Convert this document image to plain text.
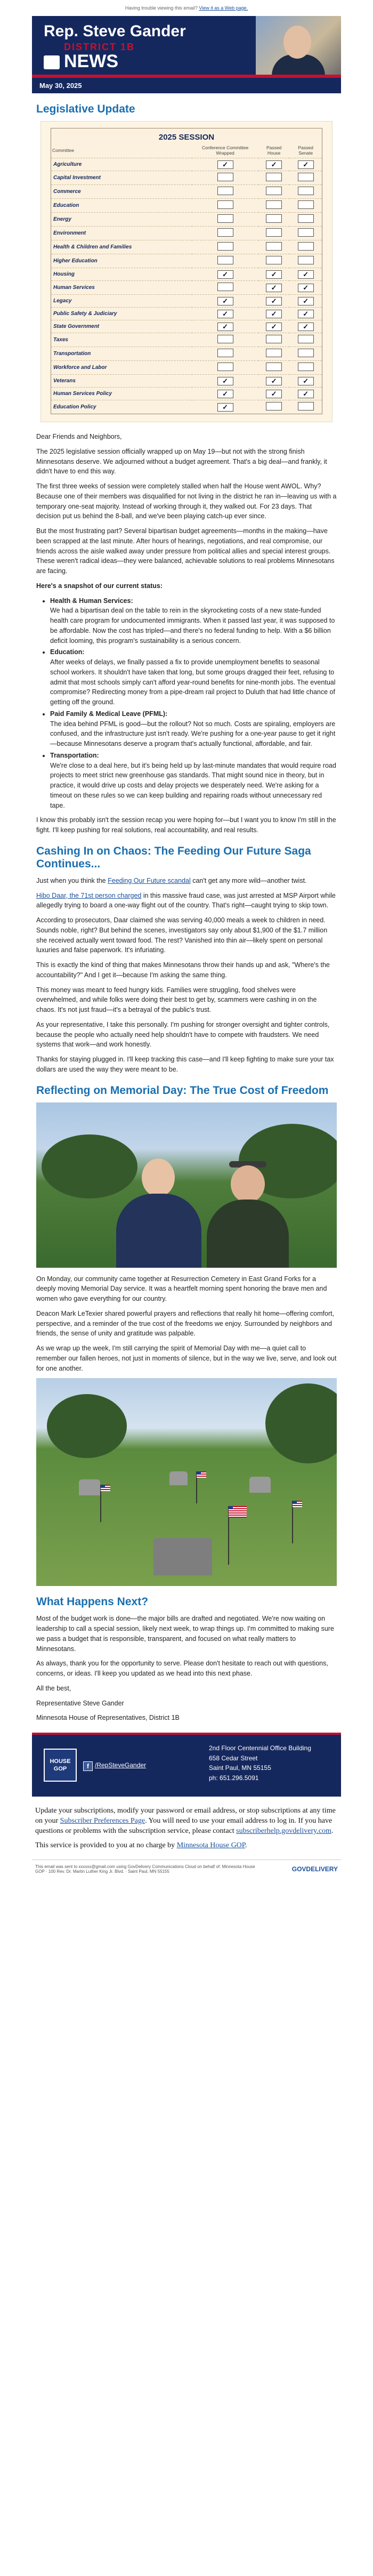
Having trouble viewing this email? View it as a Web page.
Rep. Steve Gander
DISTRICT 1B
NEWS
May 30, 2025
Legislative Update
2025 SESSION
Committee	Conference Committee Wrapped	Passed House	Passed Senate
Agriculture	✓	✓	✓
Capital Investment			
Commerce			
Education			
Energy			
Environment			
Health & Children and Families			
Higher Education			
Housing	✓	✓	✓
Human Services		✓	✓
Legacy	✓	✓	✓
Public Safety & Judiciary	✓	✓	✓
State Government	✓	✓	✓
Taxes			
Transportation			
Workforce and Labor			
Veterans	✓	✓	✓
Human Services Policy	✓	✓	✓
Education Policy	✓		

Dear Friends and Neighbors,

The 2025 legislative session officially wrapped up on May 19—but not with the strong finish Minnesotans deserve. We adjourned without a budget agreement. That's a big deal—and frankly, it didn't have to end this way.

The first three weeks of session were completely stalled when half the House went AWOL. Why? Because one of their members was disqualified for not living in the district he ran in—leaving us with a temporary one-seat majority. Instead of working through it, they walked out. For 23 days. That decision put us behind the 8-ball, and we've been playing catch-up ever since.

But the most frustrating part? Several bipartisan budget agreements—months in the making—have been scrapped at the last minute. After hours of hearings, negotiations, and real compromise, our friends across the aisle walked away under pressure from political allies and special interest groups. These weren't radical ideas—they were balanced, achievable solutions to real problems Minnesotans are facing.

Here's a snapshot of our current status:

• Health & Human Services:
We had a bipartisan deal on the table to rein in the skyrocketing costs of a new state-funded health care program for undocumented immigrants. When it passed last year, it was supposed to be affordable. Now the cost has tripled—and there's no federal funding to help. With a $6 billion deficit looming, this program's sustainability is a serious concern.
• Education:
After weeks of delays, we finally passed a fix to provide unemployment benefits to seasonal school workers. It shouldn't have taken that long, but some groups dragged their feet, refusing to admit that most schools simply can't afford year-round benefits for nine-month jobs. The eventual compromise? Redirecting money from a pipe-dream rail project to Duluth that had little chance of getting off the ground.
• Paid Family & Medical Leave (PFML):
The idea behind PFML is good—but the rollout? Not so much. Costs are spiraling, employers are confused, and the infrastructure just isn't ready. We're pushing for a one-year pause to get it right—because Minnesotans deserve a program that's actually functional, affordable, and fair.
• Transportation:
We're close to a deal here, but it's being held up by last-minute mandates that would require road projects to meet strict new greenhouse gas standards. That might sound nice in theory, but in practice, it would drive up costs and delay projects we desperately need. We're asking for a timeout on these rules so we can keep building and repairing roads without unnecessary red tape.

I know this probably isn't the session recap you were hoping for—but I want you to know I'm still in the fight. I'll keep pushing for real solutions, real accountability, and real results.

Cashing In on Chaos: The Feeding Our Future Saga Continues...

Just when you think the Feeding Our Future scandal can't get any more wild—another twist.

Hibo Daar, the 71st person charged in this massive fraud case, was just arrested at MSP Airport while allegedly trying to board a one-way flight out of the country. That's right—caught trying to skip town.

According to prosecutors, Daar claimed she was serving 40,000 meals a week to children in need. Sounds noble, right? But behind the scenes, investigators say only about $1,900 of the $1.7 million she received actually went toward food. The rest? Vanished into thin air—likely spent on personal luxuries and false paperwork. It's infuriating.

This is exactly the kind of thing that makes Minnesotans throw their hands up and ask, "Where's the accountability?" And I get it—because I'm asking the same thing.

This money was meant to feed hungry kids. Families were struggling, food shelves were overwhelmed, and while folks were doing their best to get by, scammers were cashing in on the chaos. It's not just fraud—it's a betrayal of the public's trust.

As your representative, I take this personally. I'm pushing for stronger oversight and tighter controls, because the people who actually need help shouldn't have to compete with fraudsters. We need systems that work—and work honestly.

Thanks for staying plugged in. I'll keep tracking this case—and I'll keep fighting to make sure your tax dollars are used the way they were meant to be.

Reflecting on Memorial Day: The True Cost of Freedom

On Monday, our community came together at Resurrection Cemetery in East Grand Forks for a deeply moving Memorial Day service. It was a heartfelt morning spent honoring the brave men and women who gave everything for our country.

Deacon Mark LeTexier shared powerful prayers and reflections that really hit home—offering comfort, perspective, and a reminder of the true cost of the freedoms we enjoy. Surrounded by neighbors and friends, the sense of unity and gratitude was palpable.

As we wrap up the week, I'm still carrying the spirit of Memorial Day with me—a quiet call to remember our fallen heroes, not just in moments of silence, but in the way we live, serve, and look out for one another.

What Happens Next?

Most of the budget work is done—the major bills are drafted and negotiated. We're now waiting on leadership to call a special session, likely next week, to wrap things up. I'm committed to making sure we pass a budget that is responsible, transparent, and focused on what really matters to Minnesotans.

As always, thank you for the opportunity to serve. Please don't hesitate to reach out with questions, concerns, or ideas. I'll keep you updated as we head into this next phase.

All the best,

Representative Steve Gander

Minnesota House of Representatives, District 1B

HOUSE GOP	f /RepSteveGander
2nd Floor Centennial Office Building
658 Cedar Street
Saint Paul, MN 55155
ph: 651.296.5091
Update your subscriptions, modify your password or email address, or stop subscriptions at any time on your Subscriber Preferences Page. You will need to use your email address to log in. If you have questions or problems with the subscription service, please contact subscriberhelp.govdelivery.com.
This service is provided to you at no charge by Minnesota House GOP.
This email was sent to xxxxxx@gmail.com using GovDelivery Communications Cloud on behalf of: Minnesota House GOP · 100 Rev. Dr. Martin Luther King Jr. Blvd. · Saint Paul, MN 55155	GOVDELIVERY
